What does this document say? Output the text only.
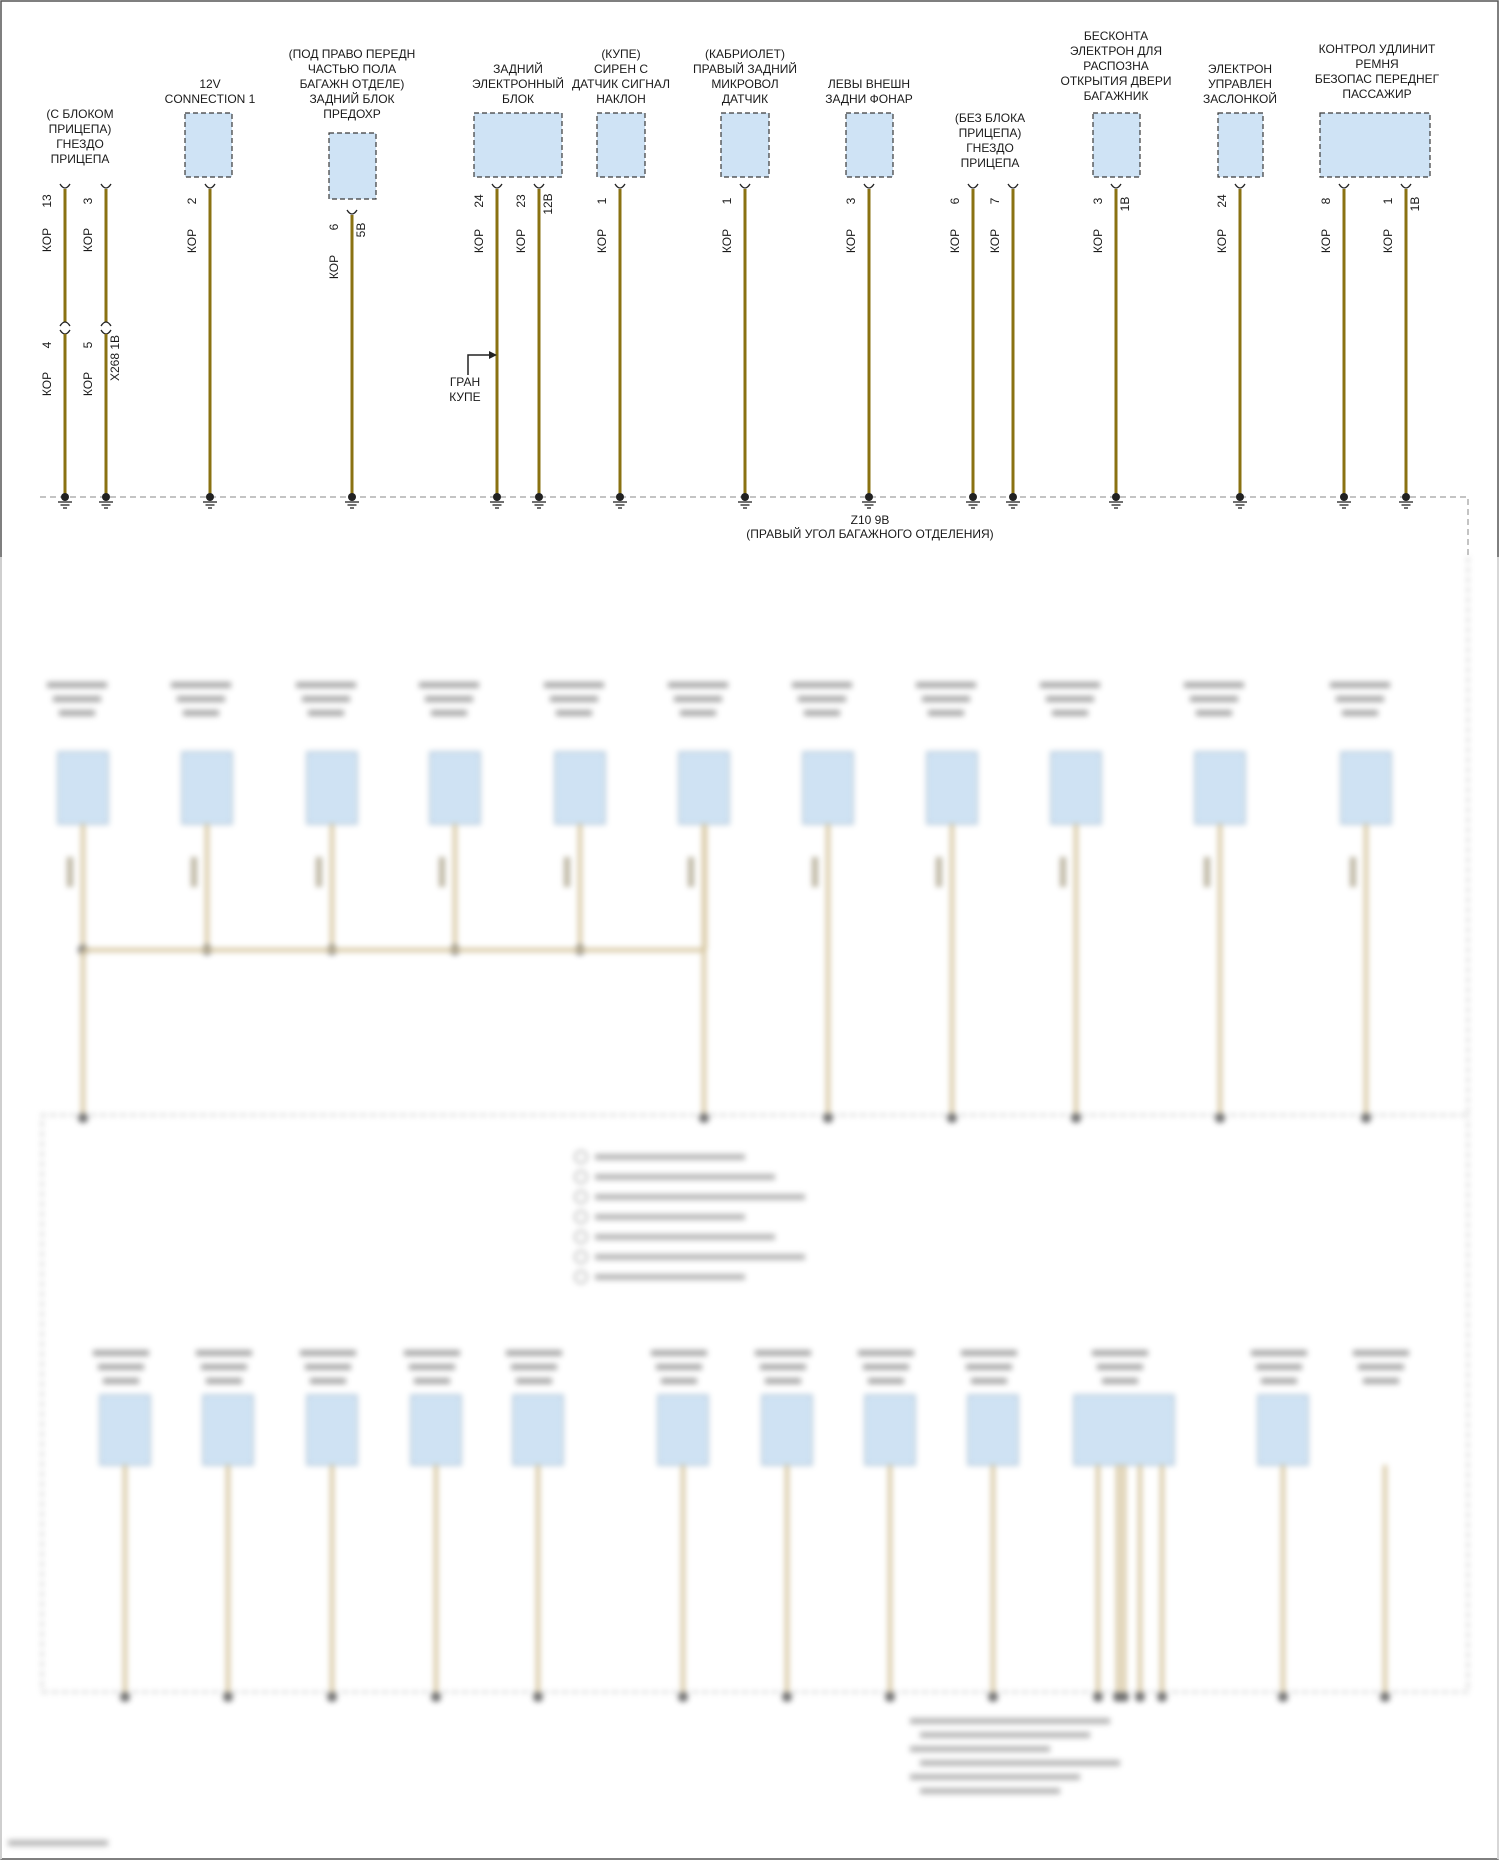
Z10 9B
(ПРАВЫЙ УГОЛ БАГАЖНОГО ОТДЕЛЕНИЯ)
(С БЛОКОМ
ПРИЦЕПА)
ГНЕЗДО
ПРИЦЕПА
12V
CONNECTION 1
(ПОД ПРАВО ПЕРЕДН
ЧАСТЬЮ ПОЛА
БАГАЖН ОТДЕЛЕ)
ЗАДНИЙ БЛОК
ПРЕДОХР
ЗАДНИЙ
ЭЛЕКТРОННЫЙ
БЛОК
(КУПЕ)
СИРЕН С
ДАТЧИК СИГНАЛ
НАКЛОН
(КАБРИОЛЕТ)
ПРАВЫЙ ЗАДНИЙ
МИКРОВОЛ
ДАТЧИК
ЛЕВЫ ВНЕШН
ЗАДНИ ФОНАР
(БЕЗ БЛОКА
ПРИЦЕПА)
ГНЕЗДО
ПРИЦЕПА
БЕСКОНТА
ЭЛЕКТРОН ДЛЯ
РАСПОЗНА
ОТКРЫТИЯ ДВЕРИ
БАГАЖНИК
ЭЛЕКТРОН
УПРАВЛЕН
ЗАСЛОНКОЙ
КОНТРОЛ УДЛИНИТ
РЕМНЯ
БЕЗОПАС ПЕРЕДНЕГ
ПАССАЖИР
4
КОР
13
КОР
5
КОР
X268 1B
3
КОР
2
КОР
6 5B
КОР
24
КОР
23 12B
КОР
1
КОР
1
КОР
3
КОР
6
КОР
7
КОР
3 1B
КОР
24
КОР
8
КОР
1 1B
КОР
ГРАН
КУПЕ
